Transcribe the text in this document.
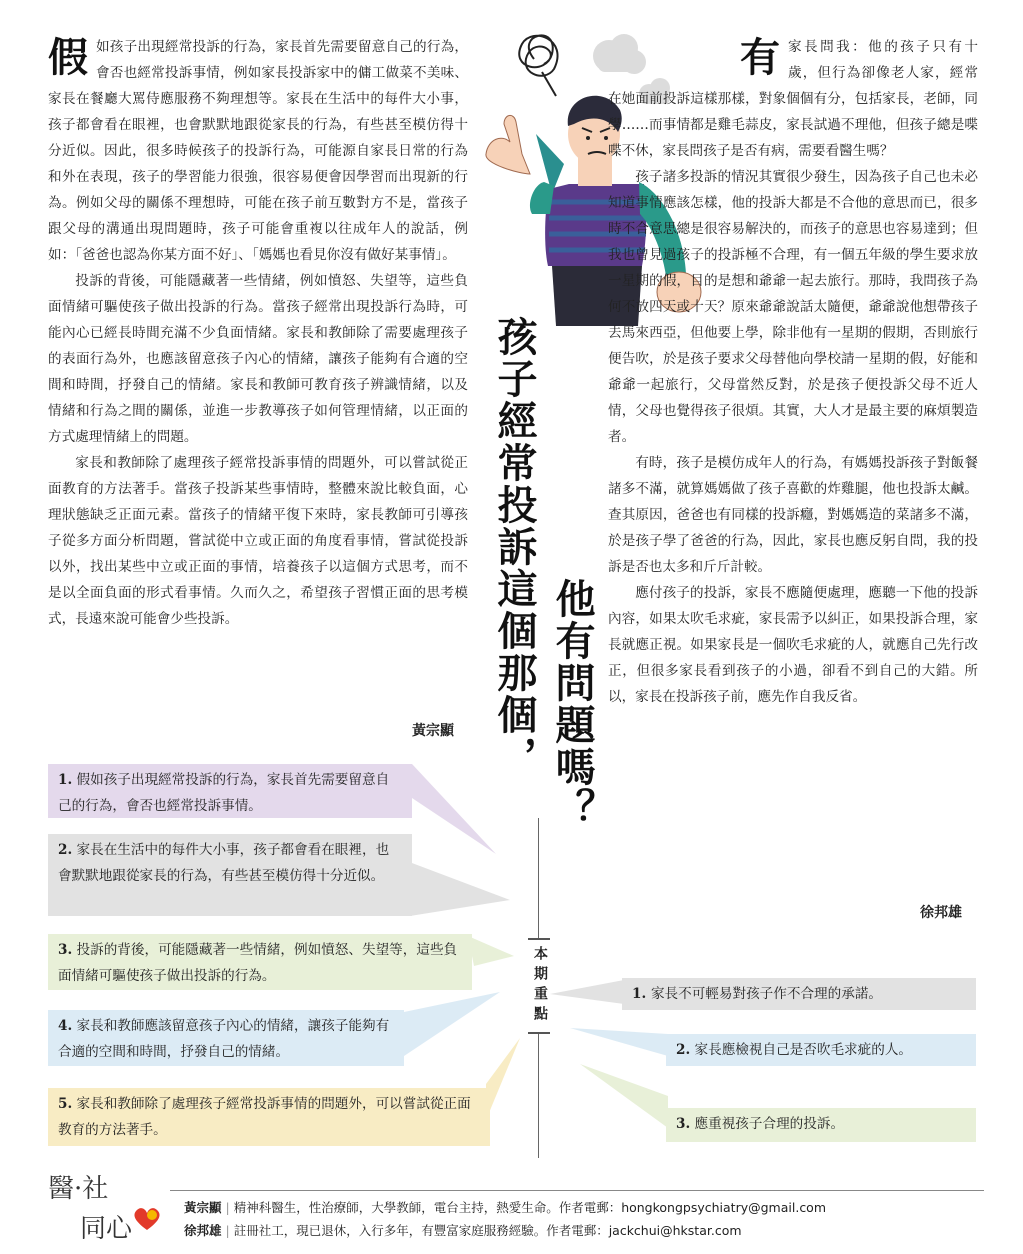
假 如孩子出現經常投訴的行為，家長首先需要留意自己的行為，會否也經常投訴事情，例如家長投訴家中的傭工做菜不美味、家長在餐廳大罵侍應服務不夠理想等。家長在生活中的每件大小事，孩子都會看在眼裡，也會默默地跟從家長的行為，有些甚至模仿得十分近似。因此，很多時候孩子的投訴行為，可能源自家長日常的行為和外在表現，孩子的學習能力很強，很容易便會因學習而出現新的行為。例如父母的關係不理想時，可能在孩子前互數對方不是，當孩子跟父母的溝通出現問題時，孩子可能會重複以往成年人的說話，例如：「爸爸也認為你某方面不好」、「媽媽也看見你沒有做好某事情」。

投訴的背後，可能隱藏著一些情緒，例如憤怒、失望等，這些負面情緒可驅使孩子做出投訴的行為。當孩子經常出現投訴行為時，可能內心已經長時間充滿不少負面情緒。家長和教師除了需要處理孩子的表面行為外，也應該留意孩子內心的情緒，讓孩子能夠有合適的空間和時間，抒發自己的情緒。家長和教師可教育孩子辨識情緒，以及情緒和行為之間的關係，並進一步教導孩子如何管理情緒，以正面的方式處理情緒上的問題。

家長和教師除了處理孩子經常投訴事情的問題外，可以嘗試從正面教育的方法著手。當孩子投訴某些事情時，整體來說比較負面，心理狀態缺乏正面元素。當孩子的情緒平復下來時，家長教師可引導孩子從多方面分析問題，嘗試從中立或正面的角度看事情，嘗試從投訴以外，找出某些中立或正面的事情，培養孩子以這個方式思考，而不是以全面負面的形式看事情。久而久之，希望孩子習慣正面的思考模式，長遠來說可能會少些投訴。

黃宗顯 孩子經常投訴這個那個， 他有問題嗎？
有 家長問我：他的孩子只有十歲，但行為卻像老人家，經常在她面前投訴這樣那樣，對象個個有分，包括家長，老師，同學……而事情都是雞毛蒜皮，家長試過不理他，但孩子總是喋喋不休，家長問孩子是否有病，需要看醫生嗎？

孩子諸多投訴的情況其實很少發生，因為孩子自己也未必知道事情應該怎樣，他的投訴大都是不合他的意思而已，很多時不合意思總是很容易解決的，而孩子的意思也容易達到；但我也曾見過孩子的投訴極不合理，有一個五年級的學生要求放一星期的假，目的是想和爺爺一起去旅行。那時，我問孩子為何不放四天或十天？原來爺爺說話太隨便，爺爺說他想帶孩子去馬來西亞，但他要上學，除非他有一星期的假期，否則旅行便告吹，於是孩子要求父母替他向學校請一星期的假，好能和爺爺一起旅行，父母當然反對，於是孩子便投訴父母不近人情，父母也覺得孩子很煩。其實，大人才是最主要的麻煩製造者。

有時，孩子是模仿成年人的行為，有媽媽投訴孩子對飯餐諸多不滿，就算媽媽做了孩子喜歡的炸雞腿，他也投訴太鹹。查其原因，爸爸也有同樣的投訴癮，對媽媽造的菜諸多不滿，於是孩子學了爸爸的行為，因此，家長也應反躬自問，我的投訴是否也太多和斤斤計較。

應付孩子的投訴，家長不應隨便處理，應聽一下他的投訴內容，如果太吹毛求疵，家長需予以糾正，如果投訴合理，家長就應正視。如果家長是一個吹毛求疵的人，就應自己先行改正，但很多家長看到孩子的小過，卻看不到自己的大錯。所以，家長在投訴孩子前，應先作自我反省。

徐邦雄
本期重點
1. 假如孩子出現經常投訴的行為，家長首先需要留意自己的行為，會否也經常投訴事情。
2. 家長在生活中的每件大小事，孩子都會看在眼裡，也會默默地跟從家長的行為，有些甚至模仿得十分近似。
3. 投訴的背後，可能隱藏著一些情緒，例如憤怒、失望等，這些負面情緒可驅使孩子做出投訴的行為。
4. 家長和教師應該留意孩子內心的情緒，讓孩子能夠有合適的空間和時間，抒發自己的情緒。
5. 家長和教師除了處理孩子經常投訴事情的問題外，可以嘗試從正面教育的方法著手。
1. 家長不可輕易對孩子作不合理的承諾。
2. 家長應檢視自己是否吹毛求疵的人。
3. 應重視孩子合理的投訴。
醫·社
同心
黃宗顯 | 精神科醫生，性治療師，大學教師，電台主持，熱愛生命。作者電郵：hongkongpsychiatry@gmail.com
徐邦雄 | 註冊社工，現已退休，入行多年，有豐富家庭服務經驗。作者電郵：jackchui@hkstar.com
